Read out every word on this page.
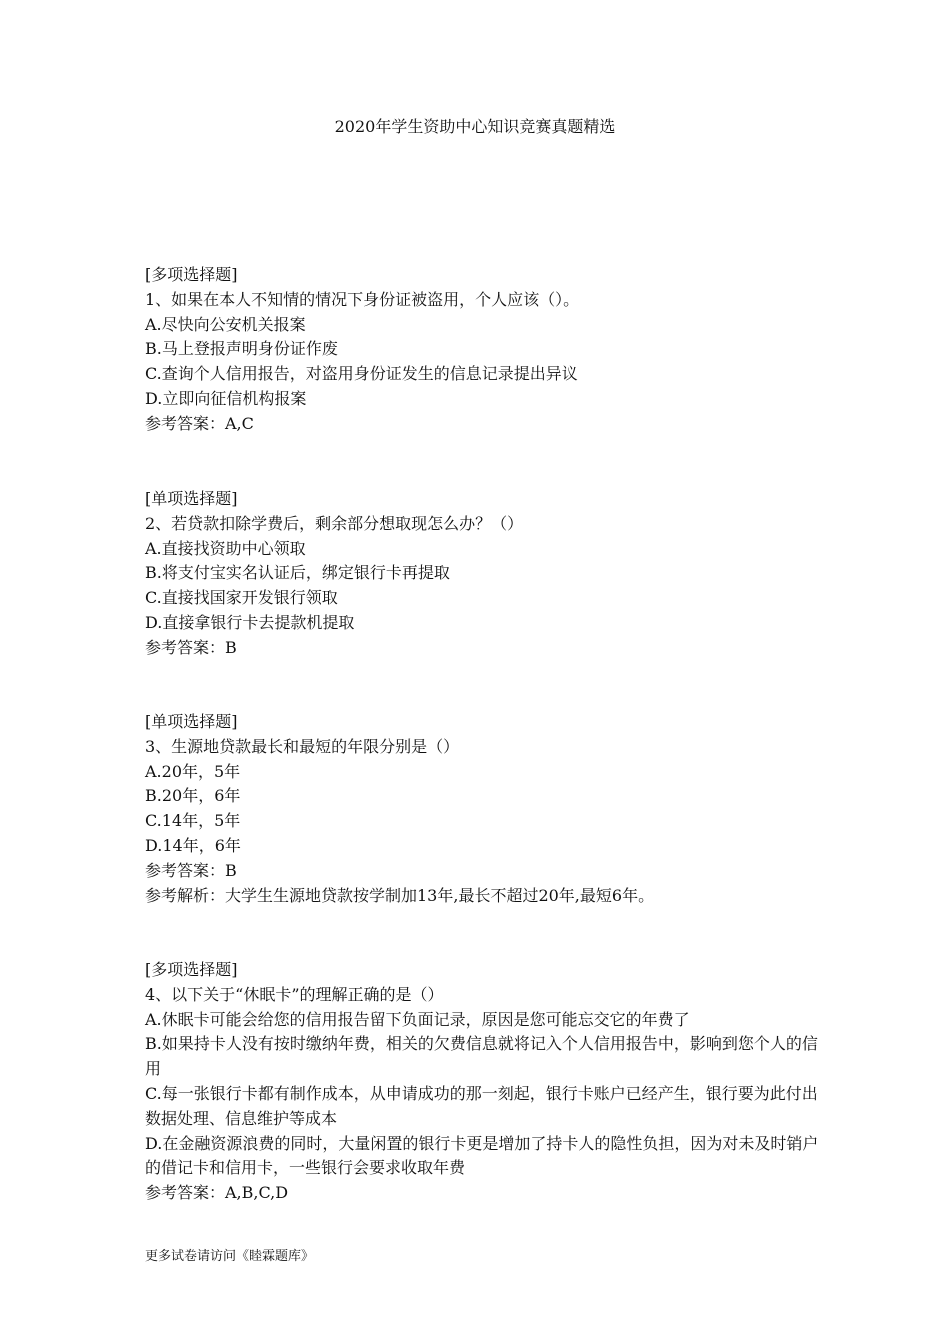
2020年学生资助中心知识竞赛真题精选
[多项选择题]
1、如果在本人不知情的情况下身份证被盗用，个人应该（）。
A.尽快向公安机关报案
B.马上登报声明身份证作废
C.查询个人信用报告，对盗用身份证发生的信息记录提出异议
D.立即向征信机构报案
参考答案：A,C
[单项选择题]
2、若贷款扣除学费后，剩余部分想取现怎么办？（）
A.直接找资助中心领取
B.将支付宝实名认证后，绑定银行卡再提取
C.直接找国家开发银行领取
D.直接拿银行卡去提款机提取
参考答案：B
[单项选择题]
3、生源地贷款最长和最短的年限分别是（）
A.20年，5年
B.20年，6年
C.14年，5年
D.14年，6年
参考答案：B
参考解析：大学生生源地贷款按学制加13年,最长不超过20年,最短6年。
[多项选择题]
4、以下关于“休眠卡”的理解正确的是（）
A.休眠卡可能会给您的信用报告留下负面记录，原因是您可能忘交它的年费了
B.如果持卡人没有按时缴纳年费，相关的欠费信息就将记入个人信用报告中，影响到您个人的信用
C.每一张银行卡都有制作成本，从申请成功的那一刻起，银行卡账户已经产生，银行要为此付出数据处理、信息维护等成本
D.在金融资源浪费的同时，大量闲置的银行卡更是增加了持卡人的隐性负担，因为对未及时销户的借记卡和信用卡，一些银行会要求收取年费
参考答案：A,B,C,D
更多试卷请访问《睦霖题库》
